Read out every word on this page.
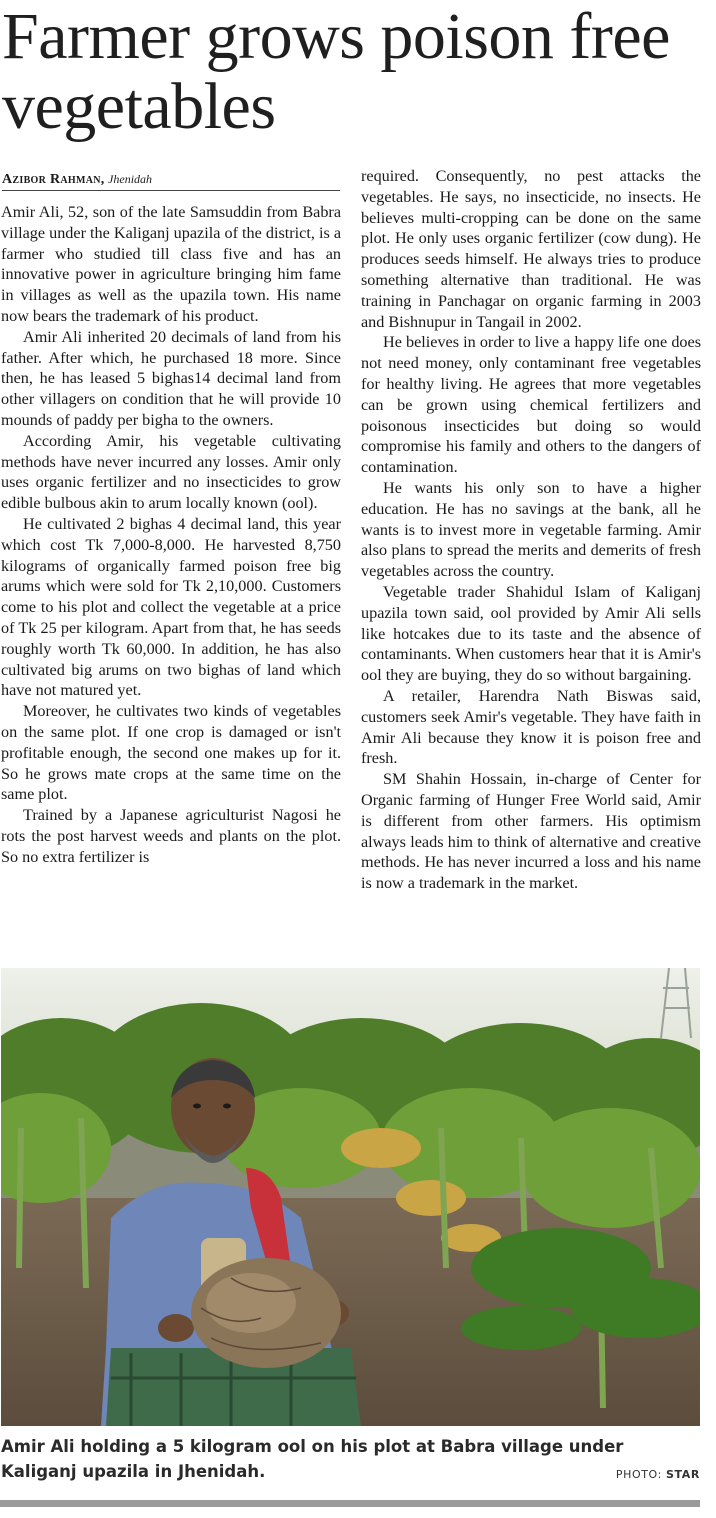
Farmer grows poison free vegetables
Azibor Rahman, Jhenidah

Amir Ali, 52, son of the late Samsuddin from Babra village under the Kaliganj upazila of the district, is a farmer who studied till class five and has an innovative power in agriculture bringing him fame in villages as well as the upazila town. His name now bears the trademark of his product.

Amir Ali inherited 20 decimals of land from his father. After which, he purchased 18 more. Since then, he has leased 5 bighas14 decimal land from other villagers on condition that he will provide 10 mounds of paddy per bigha to the owners.

According Amir, his vegetable cultivating methods have never incurred any losses. Amir only uses organic fertilizer and no insecticides to grow edible bulbous akin to arum locally known (ool).

He cultivated 2 bighas 4 decimal land, this year which cost Tk 7,000-8,000. He harvested 8,750 kilograms of organically farmed poison free big arums which were sold for Tk 2,10,000. Customers come to his plot and collect the vegetable at a price of Tk 25 per kilogram. Apart from that, he has seeds roughly worth Tk 60,000. In addition, he has also cultivated big arums on two bighas of land which have not matured yet.

Moreover, he cultivates two kinds of vegetables on the same plot. If one crop is damaged or isn't profitable enough, the second one makes up for it. So he grows mate crops at the same time on the same plot.

Trained by a Japanese agriculturist Nagosi he rots the post harvest weeds and plants on the plot. So no extra fertilizer is

required. Consequently, no pest attacks the vegetables. He says, no insecticide, no insects. He believes multi-cropping can be done on the same plot. He only uses organic fertilizer (cow dung). He produces seeds himself. He always tries to produce something alternative than traditional. He was training in Panchagar on organic farming in 2003 and Bishnupur in Tangail in 2002.

He believes in order to live a happy life one does not need money, only contaminant free vegetables for healthy living. He agrees that more vegetables can be grown using chemical fertilizers and poisonous insecticides but doing so would compromise his family and others to the dangers of contamination.

He wants his only son to have a higher education. He has no savings at the bank, all he wants is to invest more in vegetable farming. Amir also plans to spread the merits and demerits of fresh vegetables across the country.

Vegetable trader Shahidul Islam of Kaliganj upazila town said, ool provided by Amir Ali sells like hotcakes due to its taste and the absence of contaminants. When customers hear that it is Amir's ool they are buying, they do so without bargaining.

A retailer, Harendra Nath Biswas said, customers seek Amir's vegetable. They have faith in Amir Ali because they know it is poison free and fresh.

SM Shahin Hossain, in-charge of Center for Organic farming of Hunger Free World said, Amir is different from other farmers. His optimism always leads him to think of alternative and creative methods. He has never incurred a loss and his name is now a trademark in the market.

Amir Ali holding a 5 kilogram ool on his plot at Babra village under Kaliganj upazila in Jhenidah.	PHOTO: STAR
